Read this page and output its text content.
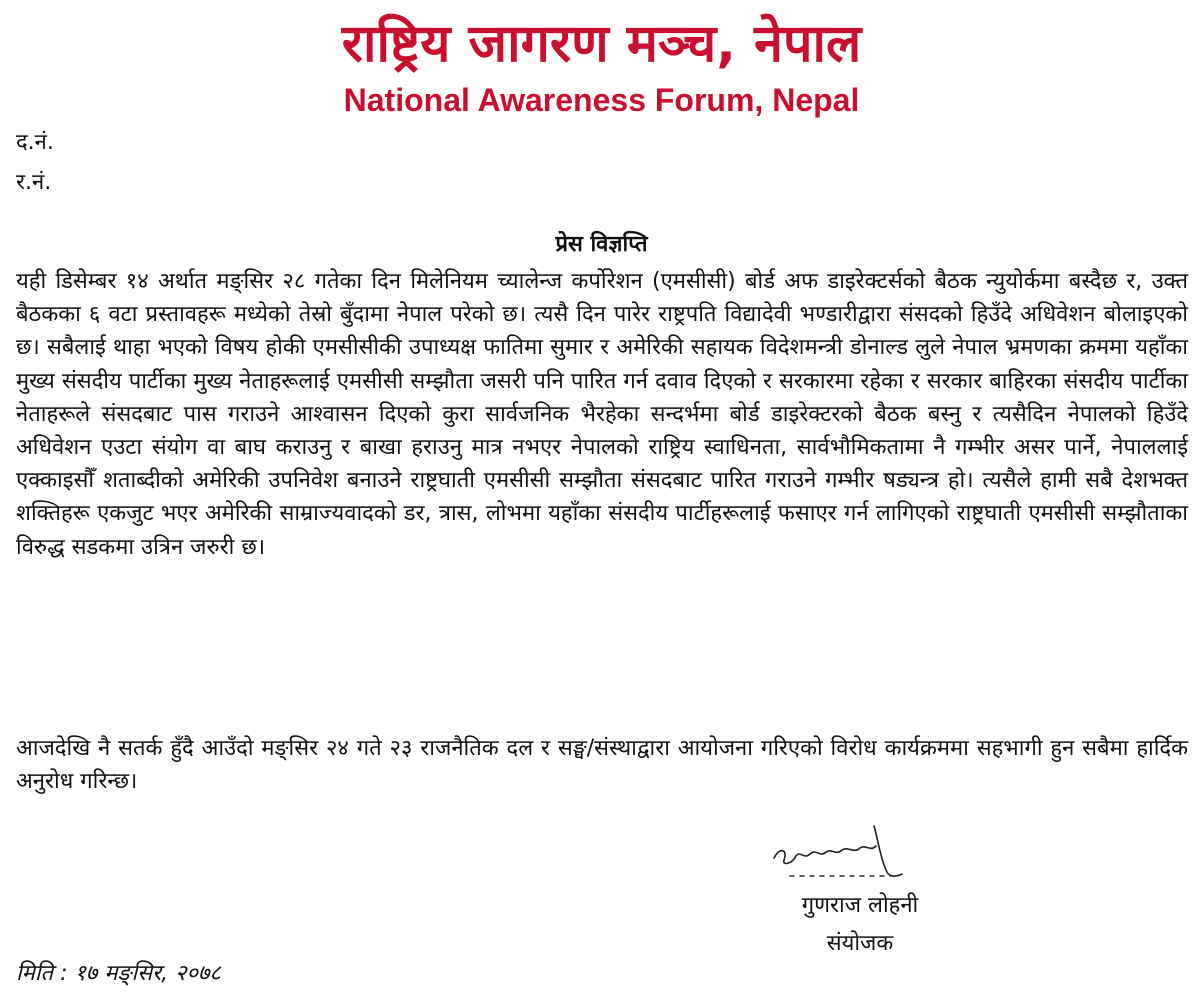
राष्ट्रिय जागरण मञ्च, नेपाल
National Awareness Forum, Nepal
द.नं.
र.नं.
प्रेस विज्ञप्ति

यही डिसेम्बर १४ अर्थात मङ्सिर २८ गतेका दिन मिलेनियम च्यालेन्ज कर्पोरेशन (एमसीसी) बोर्ड अफ डाइरेक्टर्सको बैठक न्युयोर्कमा बस्दैछ र, उक्त बैठकका ६ वटा प्रस्तावहरू मध्येको तेस्रो बुँदामा नेपाल परेको छ। त्यसै दिन पारेर राष्ट्रपति विद्यादेवी भण्डारीद्वारा संसदको हिउँदे अधिवेशन बोलाइएको छ। सबैलाई थाहा भएको विषय होकी एमसीसीकी उपाध्यक्ष फातिमा सुमार र अमेरिकी सहायक विदेशमन्त्री डोनाल्ड लुले नेपाल भ्रमणका क्रममा यहाँका मुख्य संसदीय पार्टीका मुख्य नेताहरूलाई एमसीसी सम्झौता जसरी पनि पारित गर्न दवाव दिएको र सरकारमा रहेका र सरकार बाहिरका संसदीय पार्टीका नेताहरूले संसदबाट पास गराउने आश्वासन दिएको कुरा सार्वजनिक भैरहेका सन्दर्भमा बोर्ड डाइरेक्टरको बैठक बस्नु र त्यसैदिन नेपालको हिउँदे अधिवेशन एउटा संयोग वा बाघ कराउनु र बाखा हराउनु मात्र नभएर नेपालको राष्ट्रिय स्वाधिनता, सार्वभौमिकतामा नै गम्भीर असर पार्ने, नेपाललाई एक्काइसौँ शताब्दीको अमेरिकी उपनिवेश बनाउने राष्ट्रघाती एमसीसी सम्झौता संसदबाट पारित गराउने गम्भीर षड्यन्त्र हो। त्यसैले हामी सबै देशभक्त शक्तिहरू एकजुट भएर अमेरिकी साम्राज्यवादको डर, त्रास, लोभमा यहाँका संसदीय पार्टीहरूलाई फसाएर गर्न लागिएको राष्ट्रघाती एमसीसी सम्झौताका विरुद्ध सडकमा उत्रिन जरुरी छ।

आजदेखि नै सतर्क हुँदै आउँदो मङ्सिर २४ गते २३ राजनैतिक दल र सङ्घ/संस्थाद्वारा आयोजना गरिएको विरोध कार्यक्रममा सहभागी हुन सबैमा हार्दिक अनुरोध गरिन्छ।

गुणराज लोहनी
संयोजक
मिति : १७ मङ्सिर, २०७८
